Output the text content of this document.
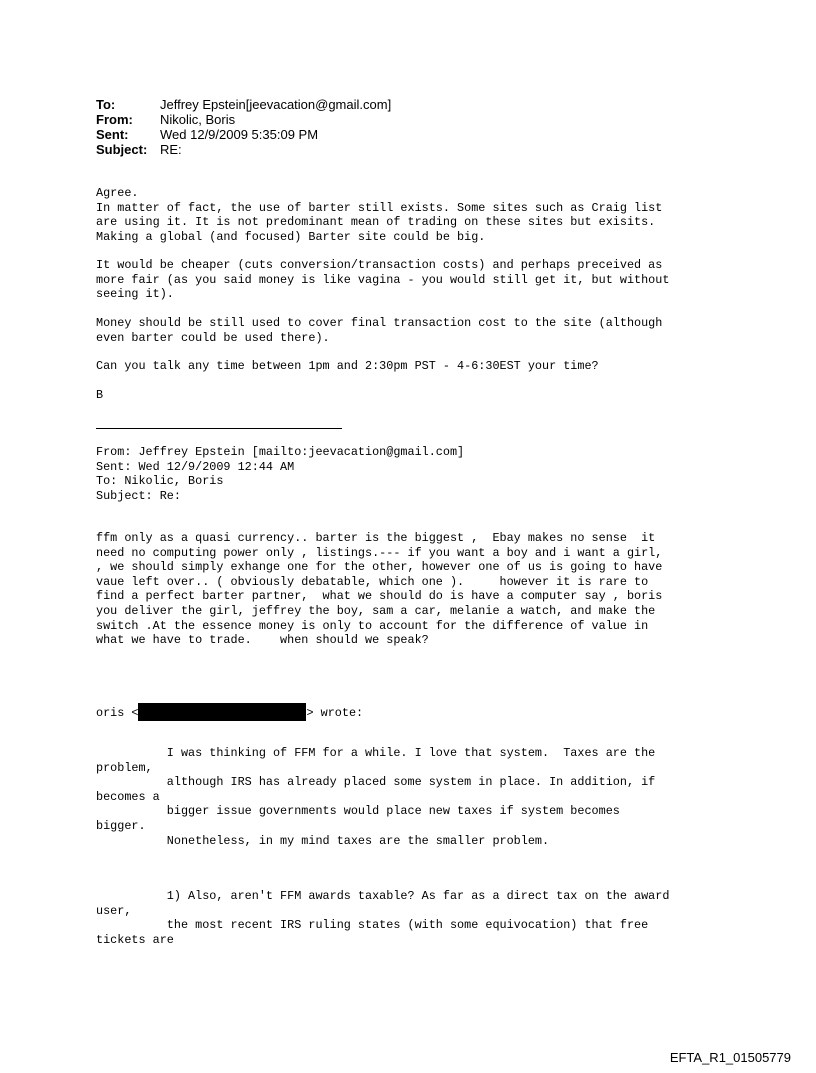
To:	Jeffrey Epstein[jeevacation@gmail.com]
From:	Nikolic, Boris
Sent:	Wed 12/9/2009 5:35:09 PM
Subject: RE:
Agree.
In matter of fact, the use of barter still exists. Some sites such as Craig list
are using it. It is not predominant mean of trading on these sites but exisits.
Making a global (and focused) Barter site could be big.
It would be cheaper (cuts conversion/transaction costs) and perhaps preceived as
more fair (as you said money is like vagina - you would still get it, but without
seeing it).
Money should be still used to cover final transaction cost to the site (although
even barter could be used there).
Can you talk any time between 1pm and 2:30pm PST - 4-6:30EST your time?
B
From: Jeffrey Epstein [mailto:jeevacation@gmail.com]
Sent: Wed 12/9/2009 12:44 AM
To: Nikolic, Boris
Subject: Re:
ffm only as a quasi currency.. barter is the biggest ,  Ebay makes no sense  it
need no computing power only , listings.--- if you want a boy and i want a girl,
, we should simply exhange one for the other, however one of us is going to have
vaue left over.. ( obviously debatable, which one ).     however it is rare to
find a perfect barter partner,  what we should do is have a computer say , boris
you deliver the girl, jeffrey the boy, sam a car, melanie a watch, and make the
switch .At the essence money is only to account for the difference of value in
what we have to trade.    when should we speak?
oris <	> wrote:
I was thinking of FFM for a while. I love that system.  Taxes are the
problem,
although IRS has already placed some system in place. In addition, if
becomes a
bigger issue governments would place new taxes if system becomes
bigger.
Nonetheless, in my mind taxes are the smaller problem.
1) Also, aren't FFM awards taxable? As far as a direct tax on the award
user,
the most recent IRS ruling states (with some equivocation) that free
tickets are
EFTA_R1_01505779
